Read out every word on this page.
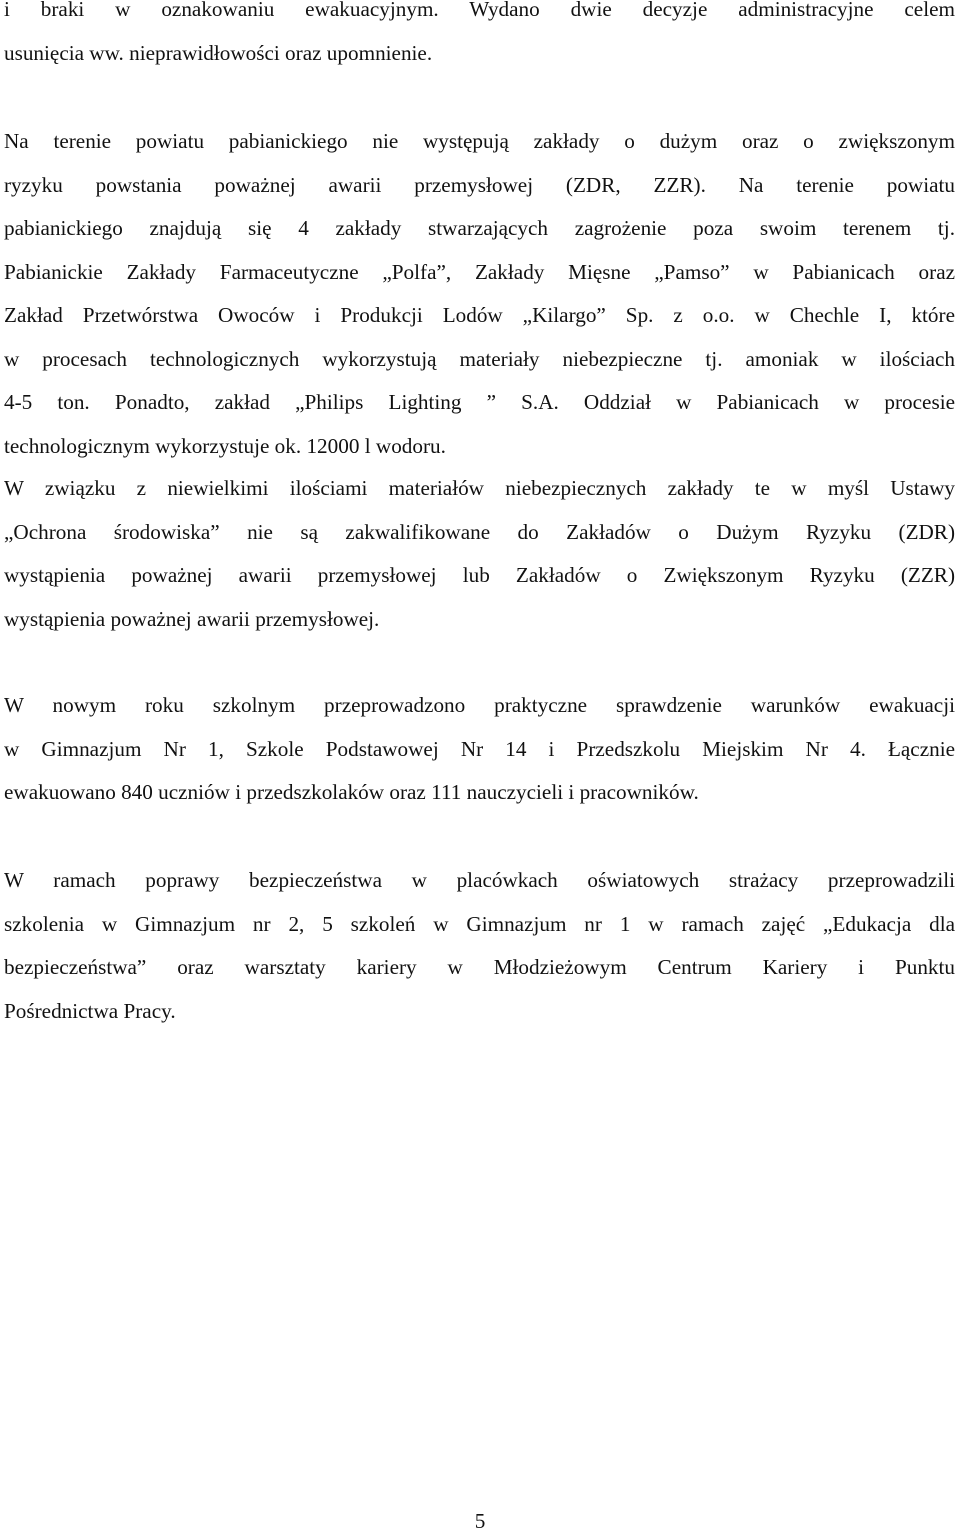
i braki w oznakowaniu ewakuacyjnym. Wydano dwie decyzje administracyjne celem
usunięcia ww. nieprawidłowości oraz upomnienie.

Na terenie powiatu pabianickiego nie występują zakłady o dużym oraz o zwiększonym
ryzyku powstania poważnej awarii przemysłowej (ZDR, ZZR). Na terenie powiatu
pabianickiego znajdują się 4 zakłady stwarzających zagrożenie poza swoim terenem tj.
Pabianickie Zakłady Farmaceutyczne „Polfa”, Zakłady Mięsne „Pamso” w Pabianicach oraz
Zakład Przetwórstwa Owoców i Produkcji Lodów „Kilargo” Sp. z o.o. w Chechle I, które
w procesach technologicznych wykorzystują materiały niebezpieczne tj. amoniak w ilościach
4-5 ton. Ponadto, zakład „Philips Lighting ” S.A. Oddział w Pabianicach w procesie
technologicznym wykorzystuje ok. 12000 l wodoru.

W związku z niewielkimi ilościami materiałów niebezpiecznych zakłady te w myśl Ustawy
„Ochrona środowiska” nie są zakwalifikowane do Zakładów o Dużym Ryzyku (ZDR)
wystąpienia poważnej awarii przemysłowej lub Zakładów o Zwiększonym Ryzyku (ZZR)
wystąpienia poważnej awarii przemysłowej.

W nowym roku szkolnym przeprowadzono praktyczne sprawdzenie warunków ewakuacji
w Gimnazjum Nr 1, Szkole Podstawowej Nr 14 i Przedszkolu Miejskim Nr 4. Łącznie
ewakuowano 840 uczniów i przedszkolaków oraz 111 nauczycieli i pracowników.

W ramach poprawy bezpieczeństwa w placówkach oświatowych strażacy przeprowadzili
szkolenia w Gimnazjum nr 2, 5 szkoleń w Gimnazjum nr 1 w ramach zajęć „Edukacja dla
bezpieczeństwa” oraz warsztaty kariery w Młodzieżowym Centrum Kariery i Punktu
Pośrednictwa Pracy.

5
